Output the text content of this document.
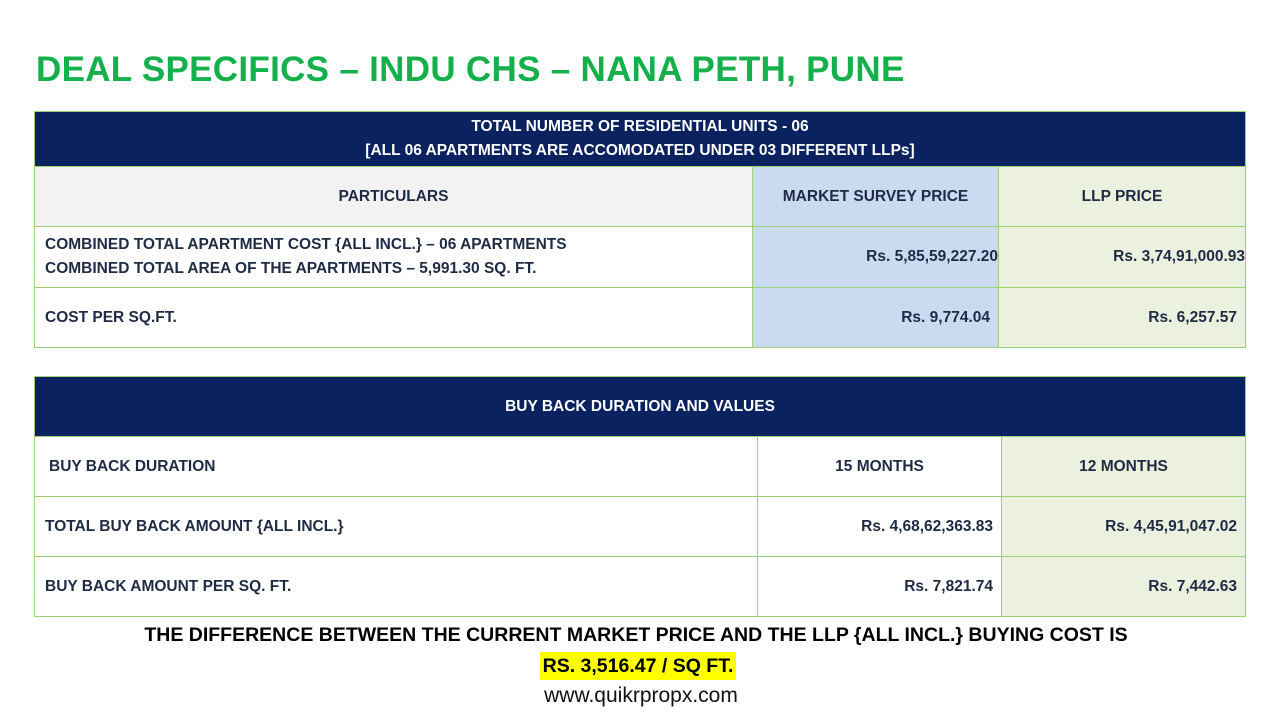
DEAL SPECIFICS – INDU CHS – NANA PETH, PUNE
TOTAL NUMBER OF RESIDENTIAL UNITS - 06
[ALL 06 APARTMENTS ARE ACCOMODATED UNDER 03 DIFFERENT LLPs]		

PARTICULARS	MARKET SURVEY PRICE	LLP PRICE

COMBINED TOTAL APARTMENT COST {ALL INCL.} – 06 APARTMENTS
COMBINED TOTAL AREA OF THE APARTMENTS – 5,991.30 SQ. FT.	Rs. 5,85,59,227.20	Rs. 3,74,91,000.93
COST PER SQ.FT.	Rs. 9,774.04	Rs. 6,257.57
BUY BACK DURATION AND VALUES		
BUY BACK DURATION	15 MONTHS	12 MONTHS
TOTAL BUY BACK AMOUNT {ALL INCL.}	Rs. 4,68,62,363.83	Rs. 4,45,91,047.02
BUY BACK AMOUNT PER SQ. FT.	Rs. 7,821.74	Rs. 7,442.63
THE DIFFERENCE BETWEEN THE CURRENT MARKET PRICE AND THE LLP {ALL INCL.} BUYING COST IS
RS. 3,516.47 / SQ FT.
www.quikrpropx.com
